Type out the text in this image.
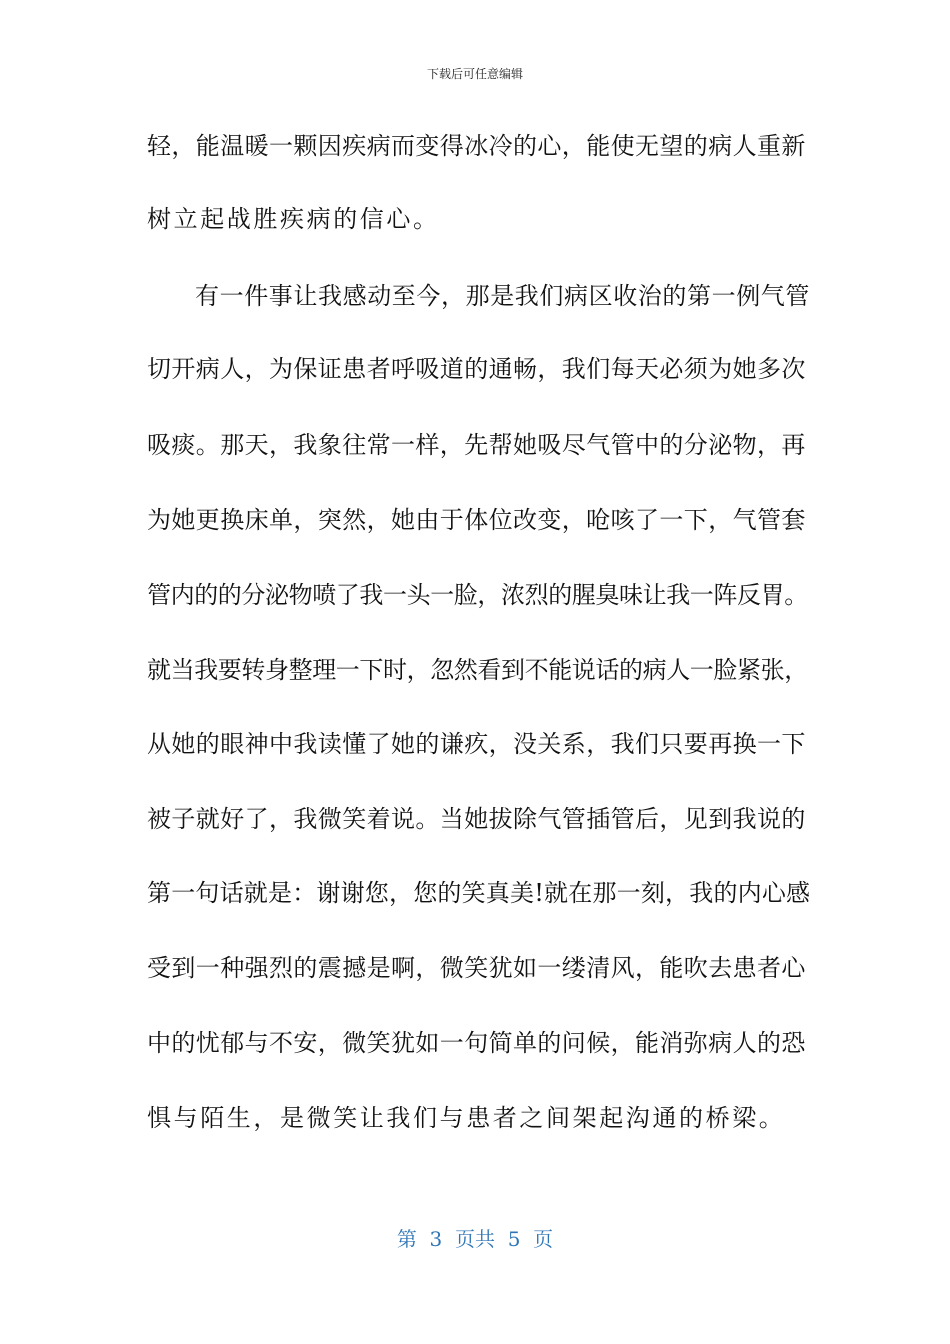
下载后可任意编辑
轻，能温暖一颗因疾病而变得冰冷的心，能使无望的病人重新
树立起战胜疾病的信心。
有一件事让我感动至今，那是我们病区收治的第一例气管
切开病人，为保证患者呼吸道的通畅，我们每天必须为她多次
吸痰。那天，我象往常一样，先帮她吸尽气管中的分泌物，再
为她更换床单，突然，她由于体位改变，呛咳了一下，气管套
管内的的分泌物喷了我一头一脸，浓烈的腥臭味让我一阵反胃。
就当我要转身整理一下时，忽然看到不能说话的病人一脸紧张，
从她的眼神中我读懂了她的谦疚，没关系，我们只要再换一下
被子就好了，我微笑着说。当她拔除气管插管后，见到我说的
第一句话就是：谢谢您，您的笑真美!就在那一刻，我的内心感
受到一种强烈的震撼是啊，微笑犹如一缕清风，能吹去患者心
中的忧郁与不安，微笑犹如一句简单的问候，能消弥病人的恐
惧与陌生，是微笑让我们与患者之间架起沟通的桥梁。
第  3  页共  5  页
